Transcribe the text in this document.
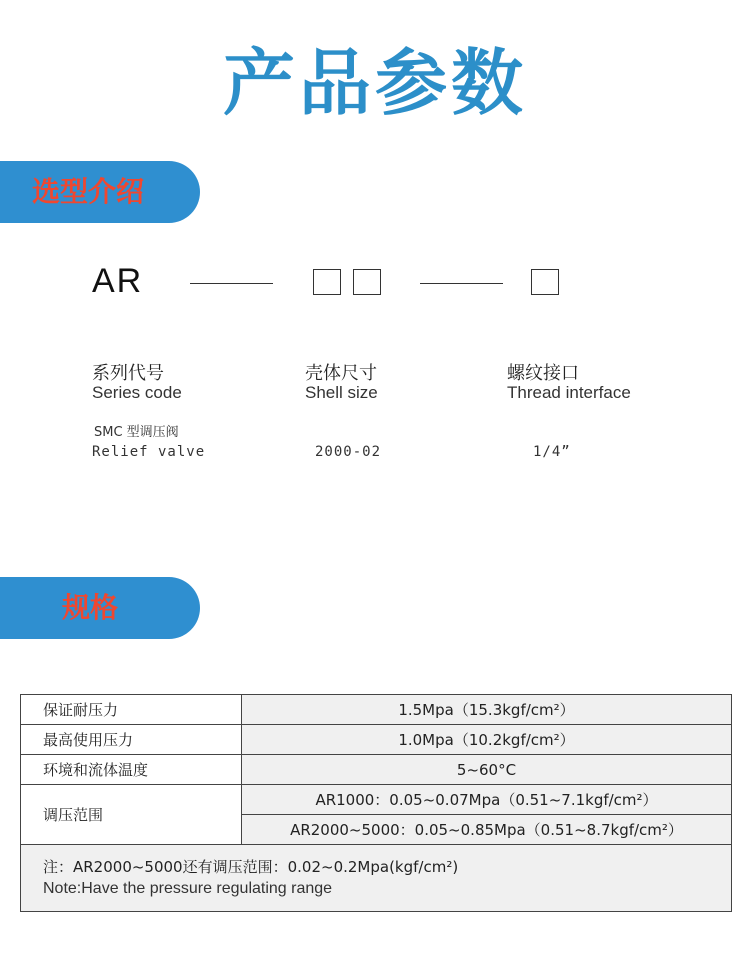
产品参数
选型介绍
AR
系列代号
Series code
壳体尺寸
Shell size
螺纹接口
Thread interface
SMC 型调压阀
Relief valve	2000-02	1/4”
规格
保证耐压力	1.5Mpa（15.3kgf/cm²）
最高使用压力	1.0Mpa（10.2kgf/cm²）
环境和流体温度	5~60°C
调压范围	AR1000：0.05~0.07Mpa（0.51~7.1kgf/cm²）
	AR2000~5000：0.05~0.85Mpa（0.51~8.7kgf/cm²）

注：AR2000~5000还有调压范围：0.02~0.2Mpa(kgf/cm²)
Note:Have the pressure regulating range	
